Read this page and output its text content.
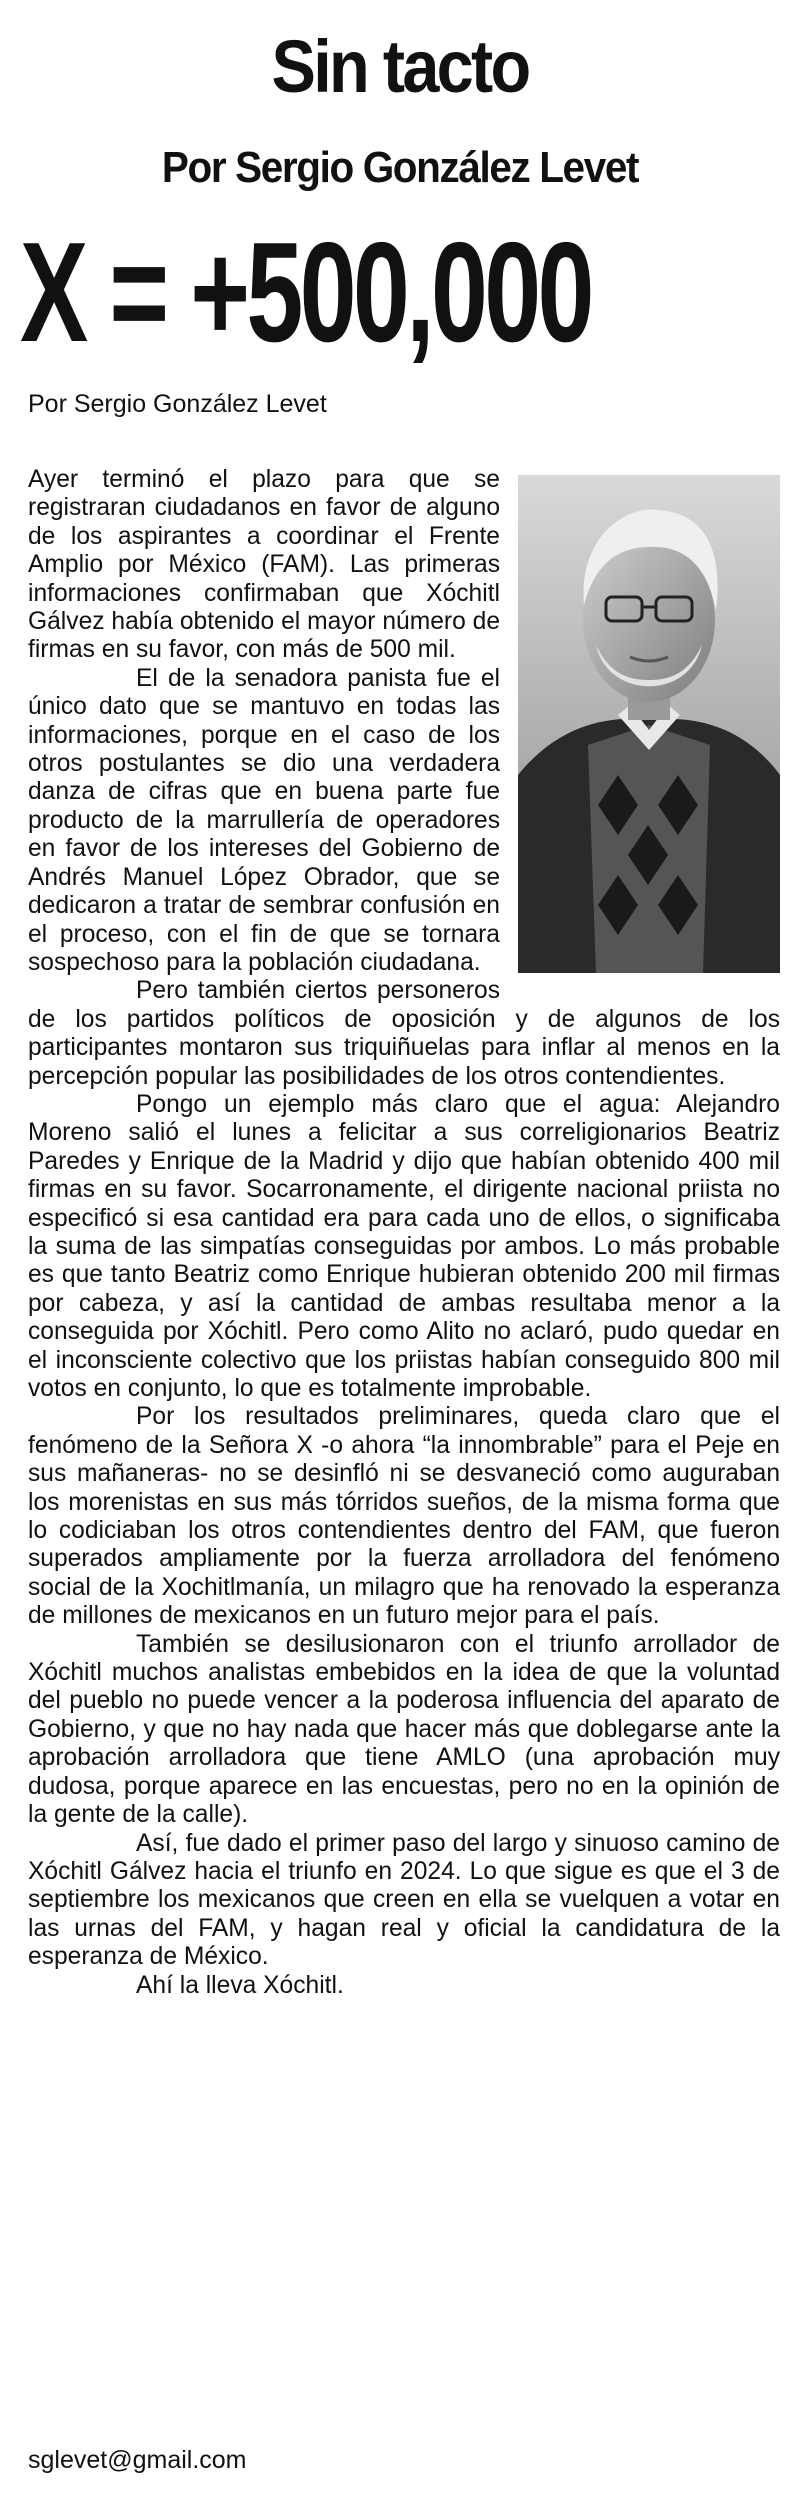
Sin tacto
Por Sergio González Levet
X = +500,000
Por Sergio González Levet

Ayer terminó el plazo para que se registraran ciudadanos en favor de alguno de los aspirantes a coordinar el Frente Amplio por México (FAM). Las primeras informaciones confirmaban que Xóchitl Gálvez había obtenido el mayor número de firmas en su favor, con más de 500 mil.

El de la senadora panista fue el único dato que se mantuvo en todas las informaciones, porque en el caso de los otros postulantes se dio una verdadera danza de cifras que en buena parte fue producto de la marrullería de operadores en favor de los intereses del Gobierno de Andrés Manuel López Obrador, que se dedicaron a tratar de sembrar confusión en el proceso, con el fin de que se tornara sospechoso para la población ciudadana.

Pero también ciertos personeros de los partidos políticos de oposición y de algunos de los participantes montaron sus triquiñuelas para inflar al menos en la percepción popular las posibilidades de los otros contendientes.

Pongo un ejemplo más claro que el agua: Alejandro Moreno salió el lunes a felicitar a sus correligionarios Beatriz Paredes y Enrique de la Madrid y dijo que habían obtenido 400 mil firmas en su favor. Socarronamente, el dirigente nacional priista no especificó si esa cantidad era para cada uno de ellos, o significaba la suma de las simpatías conseguidas por ambos. Lo más probable es que tanto Beatriz como Enrique hubieran obtenido 200 mil firmas por cabeza, y así la cantidad de ambas resultaba menor a la conseguida por Xóchitl. Pero como Alito no aclaró, pudo quedar en el inconsciente colectivo que los priistas habían conseguido 800 mil votos en conjunto, lo que es totalmente improbable.

Por los resultados preliminares, queda claro que el fenómeno de la Señora X -o ahora “la innombrable” para el Peje en sus mañaneras- no se desinfló ni se desvaneció como auguraban los morenistas en sus más tórridos sueños, de la misma forma que lo codiciaban los otros contendientes dentro del FAM, que fueron superados ampliamente por la fuerza arrolladora del fenómeno social de la Xochitlmanía, un milagro que ha renovado la esperanza de millones de mexicanos en un futuro mejor para el país.

También se desilusionaron con el triunfo arrollador de Xóchitl muchos analistas embebidos en la idea de que la voluntad del pueblo no puede vencer a la poderosa influencia del aparato de Gobierno, y que no hay nada que hacer más que doblegarse ante la aprobación arrolladora que tiene AMLO (una aprobación muy dudosa, porque aparece en las encuestas, pero no en la opinión de la gente de la calle).

Así, fue dado el primer paso del largo y sinuoso camino de Xóchitl Gálvez hacia el triunfo en 2024. Lo que sigue es que el 3 de septiembre los mexicanos que creen en ella se vuelquen a votar en las urnas del FAM, y hagan real y oficial la candidatura de la esperanza de México.

Ahí la lleva Xóchitl.

sglevet@gmail.com
